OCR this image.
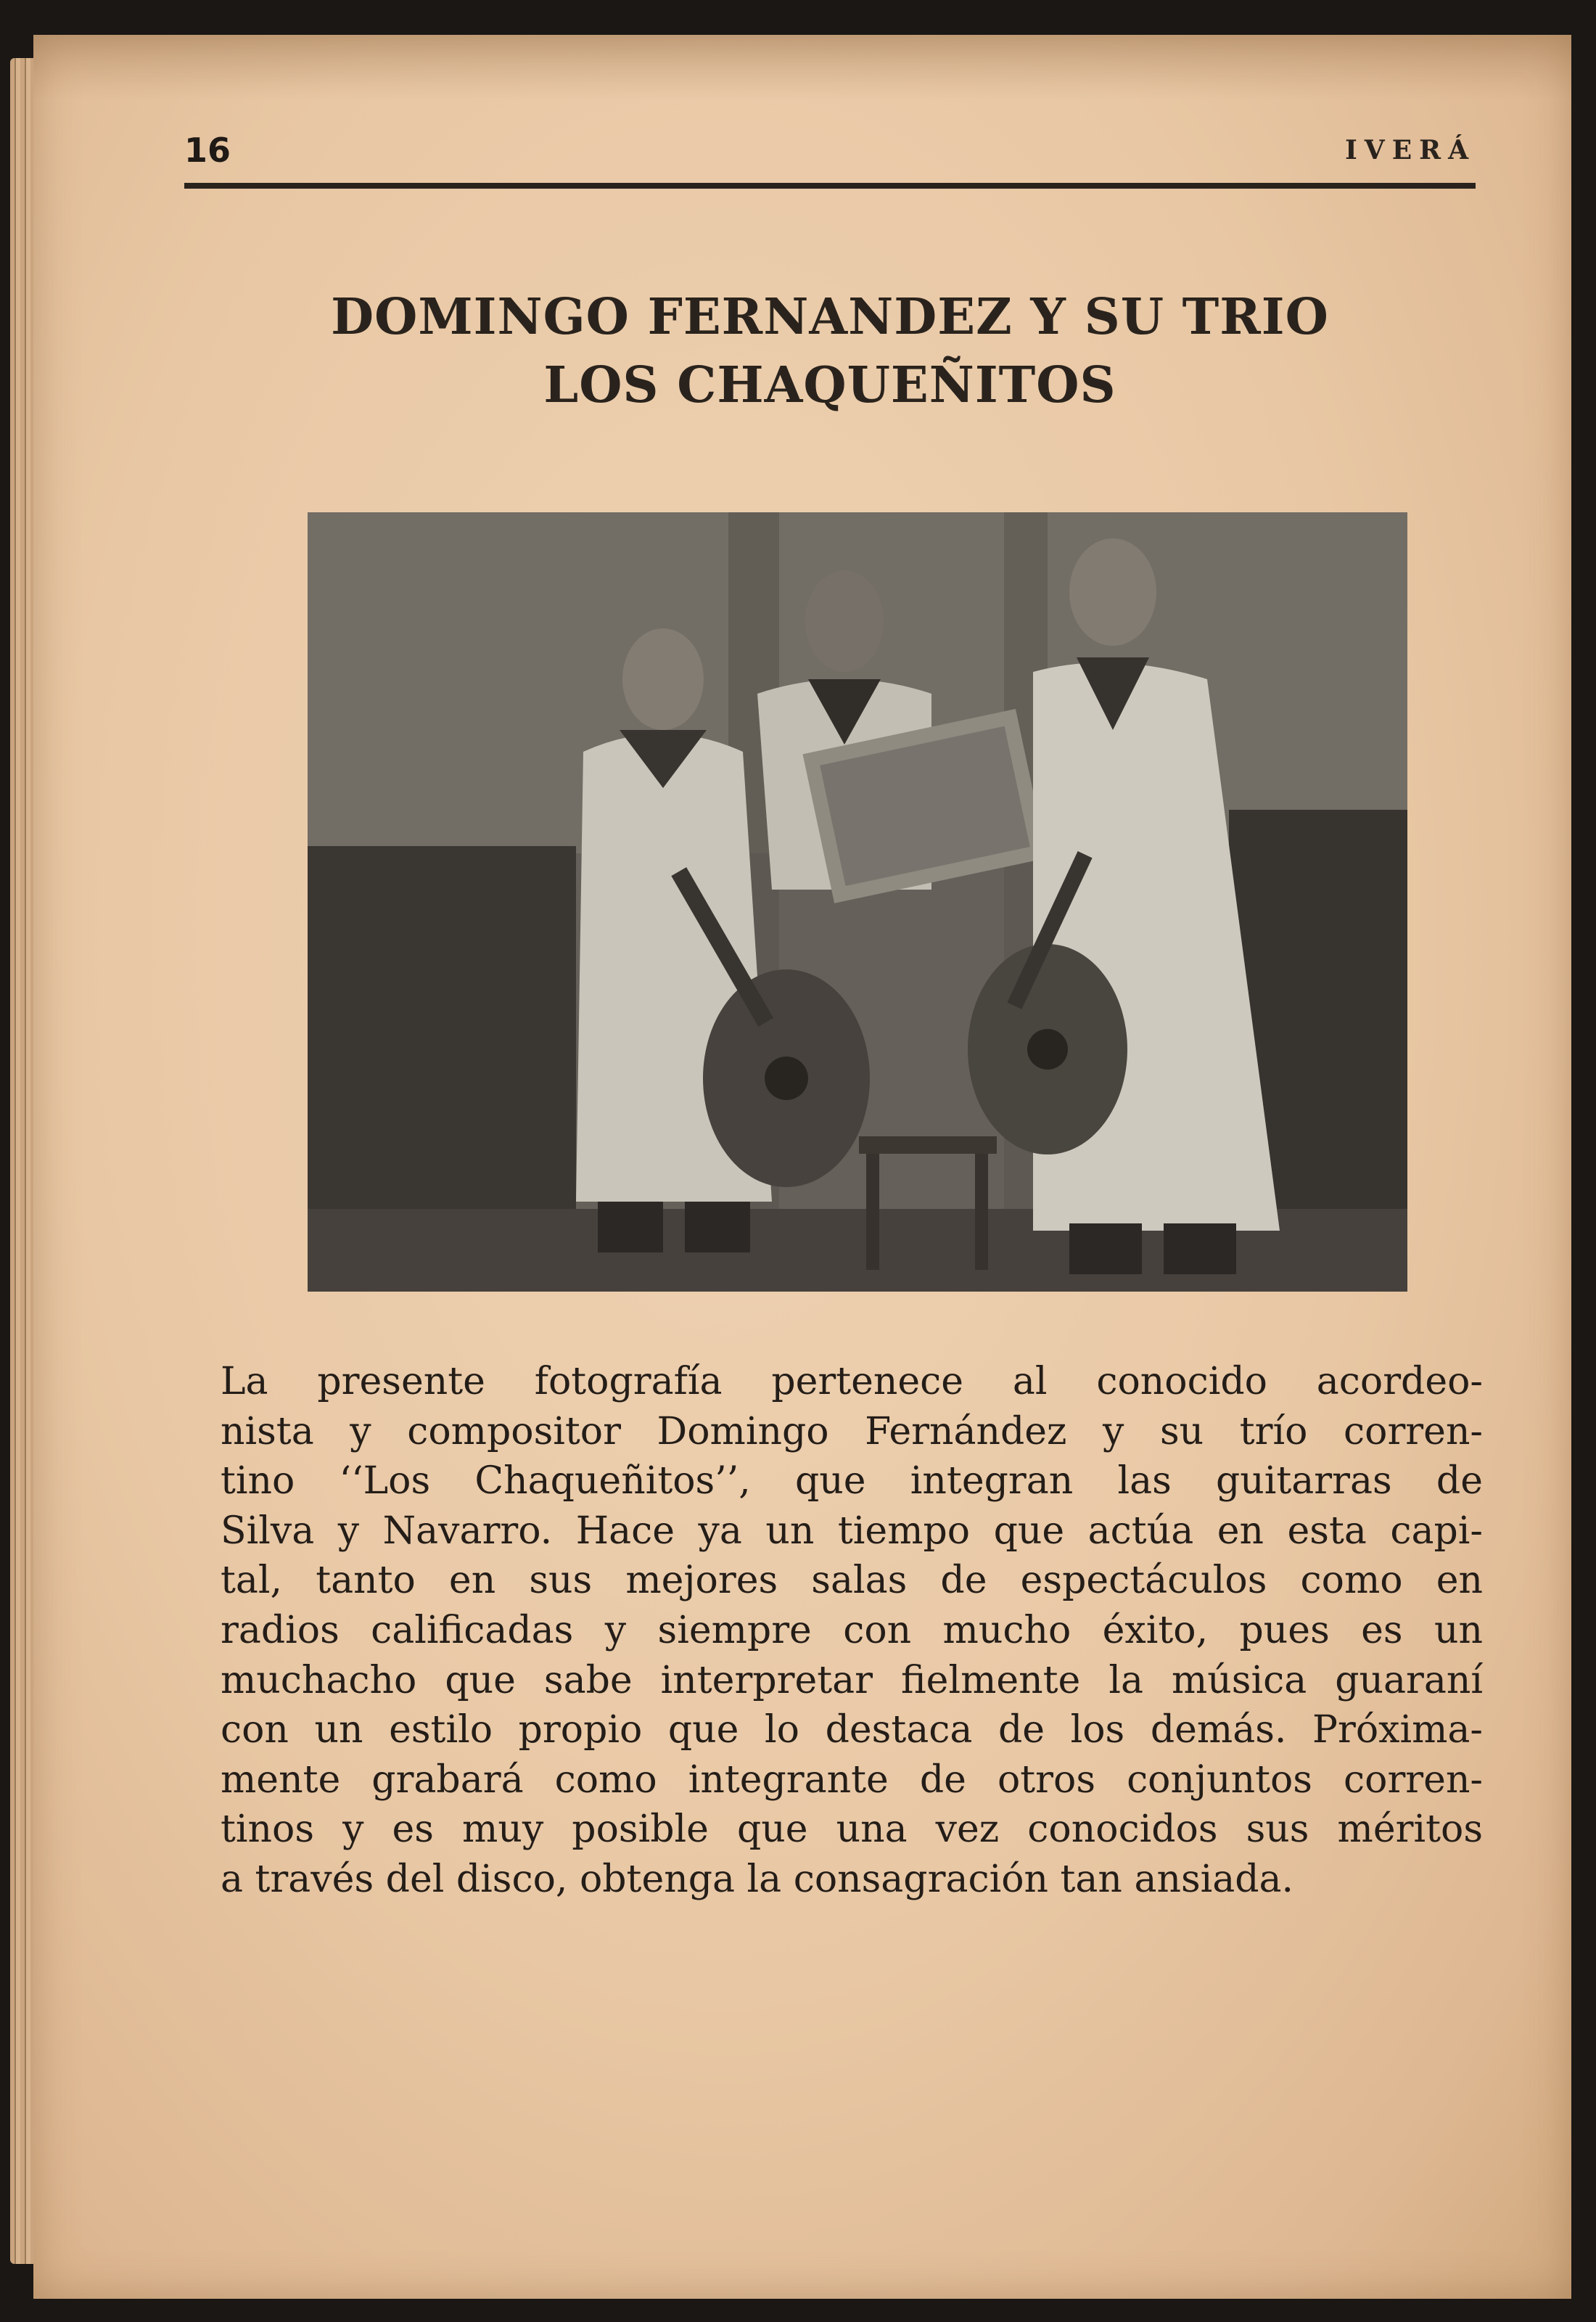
16	IVERÁ
DOMINGO FERNANDEZ Y SU TRIO
LOS CHAQUEÑITOS
La presente fotografía pertenece al conocido acordeo-
nista y compositor Domingo Fernández y su trío corren-
tino ‘‘Los Chaqueñitos’’, que integran las guitarras de
Silva y Navarro. Hace ya un tiempo que actúa en esta capi-
tal, tanto en sus mejores salas de espectáculos como en
radios calificadas y siempre con mucho éxito, pues es un
muchacho que sabe interpretar fielmente la música guaraní
con un estilo propio que lo destaca de los demás. Próxima-
mente grabará como integrante de otros conjuntos corren-
tinos y es muy posible que una vez conocidos sus méritos
a través del disco, obtenga la consagración tan ansiada.
